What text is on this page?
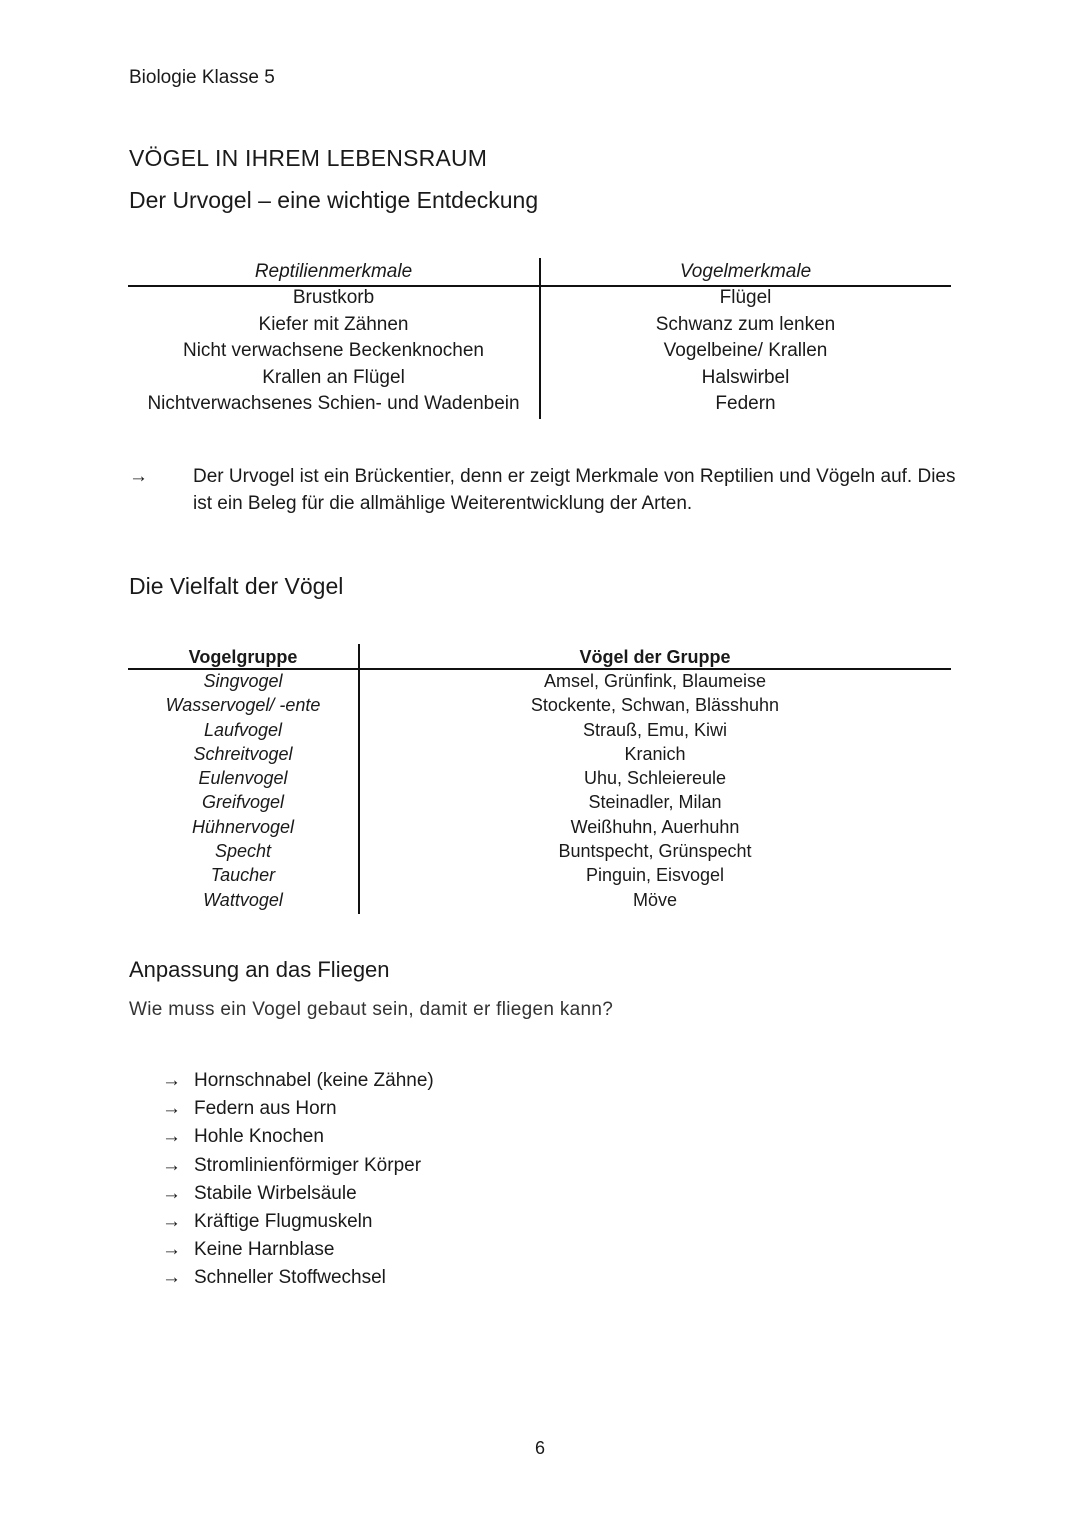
Biologie Klasse 5
VÖGEL IN IHREM LEBENSRAUM
Der Urvogel – eine wichtige Entdeckung
Reptilienmerkmale
Brustkorb
Kiefer mit Zähnen
Nicht verwachsene Beckenknochen
Krallen an Flügel
Nichtverwachsenes Schien- und Wadenbein
Vogelmerkmale
Flügel
Schwanz zum lenken
Vogelbeine/ Krallen
Halswirbel
Federn
→ Der Urvogel ist ein Brückentier, denn er zeigt Merkmale von Reptilien und Vögeln auf. Dies ist ein Beleg für die allmählige Weiterentwicklung der Arten.
Die Vielfalt der Vögel
Vogelgruppe
Singvogel
Wasservogel/ -ente
Laufvogel
Schreitvogel
Eulenvogel
Greifvogel
Hühnervogel
Specht
Taucher
Wattvogel
Vögel der Gruppe
Amsel, Grünfink, Blaumeise
Stockente, Schwan, Blässhuhn
Strauß, Emu, Kiwi
Kranich
Uhu, Schleiereule
Steinadler, Milan
Weißhuhn, Auerhuhn
Buntspecht, Grünspecht
Pinguin, Eisvogel
Möve
Anpassung an das Fliegen
Wie muss ein Vogel gebaut sein, damit er fliegen kann?
→ Hornschnabel (keine Zähne)
→ Federn aus Horn
→ Hohle Knochen
→ Stromlinienförmiger Körper
→ Stabile Wirbelsäule
→ Kräftige Flugmuskeln
→ Keine Harnblase
→ Schneller Stoffwechsel
6
